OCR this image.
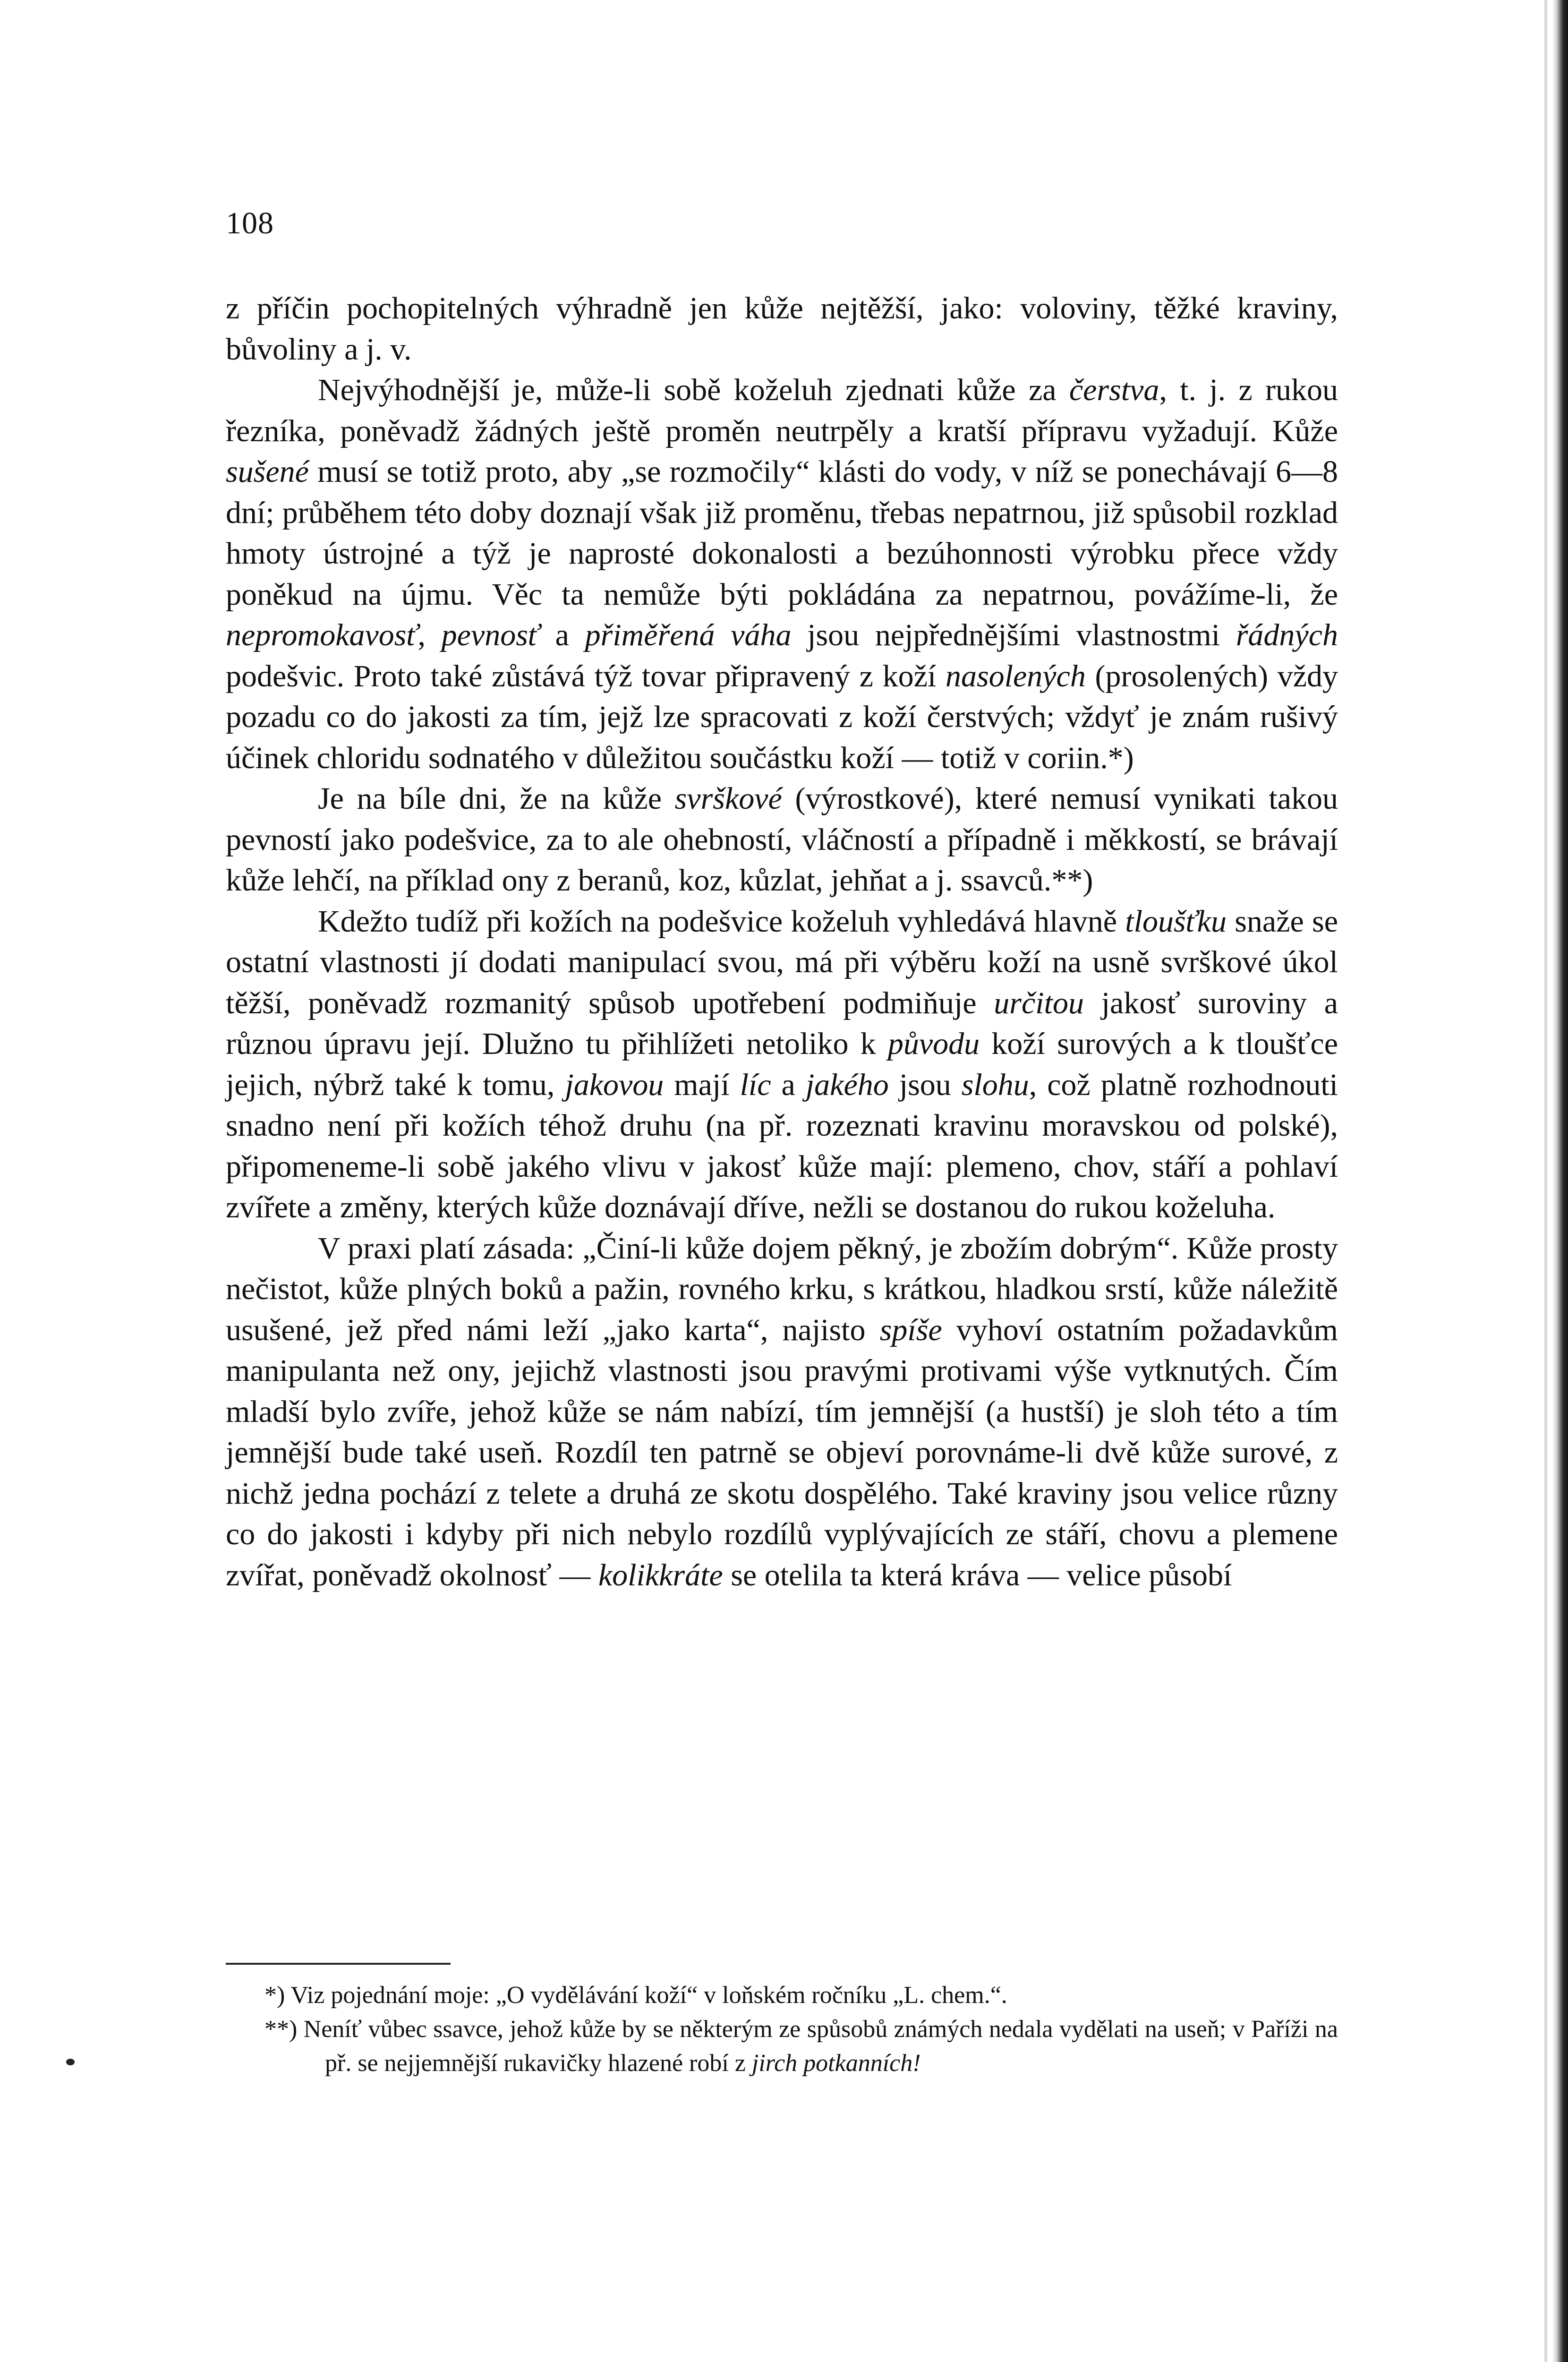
108

z příčin pochopitelných výhradně jen kůže nejtěžší, jako: voloviny, těžké kraviny, bůvoliny a j. v.

Nejvýhodnější je, může-li sobě koželuh zjednati kůže za čerstva, t. j. z rukou řezníka, poněvadž žádných ještě proměn neutrpěly a kratší přípravu vyžadují. Kůže sušené musí se totiž proto, aby „se rozmočily“ klásti do vody, v níž se ponechávají 6—8 dní; průběhem této doby doznají však již proměnu, třebas nepatrnou, již spůsobil rozklad hmoty ústrojné a týž je naprosté dokonalosti a bezúhonnosti výrobku přece vždy poněkud na újmu. Věc ta nemůže býti pokládána za nepatrnou, povážíme-li, že nepromokavosť, pevnosť a přiměřená váha jsou nejpřednějšími vlastnostmi řádných podešvic. Proto také zůstává týž tovar připravený z koží nasolených (prosolených) vždy pozadu co do jakosti za tím, jejž lze spracovati z koží čerstvých; vždyť je znám rušivý účinek chloridu sodnatého v důležitou součástku koží — totiž v coriin.*)

Je na bíle dni, že na kůže svrškové (výrostkové), které nemusí vynikati takou pevností jako podešvice, za to ale ohebností, vláčností a případně i měkkostí, se brávají kůže lehčí, na příklad ony z beranů, koz, kůzlat, jehňat a j. ssavců.**)

Kdežto tudíž při kožích na podešvice koželuh vyhledává hlavně tloušťku snaže se ostatní vlastnosti jí dodati manipulací svou, má při výběru koží na usně svrškové úkol těžší, poněvadž rozmanitý spůsob upotřebení podmiňuje určitou jakosť suroviny a různou úpravu její. Dlužno tu přihlížeti netoliko k původu koží surových a k tloušťce jejich, nýbrž také k tomu, jakovou mají líc a jakého jsou slohu, což platně rozhodnouti snadno není při kožích téhož druhu (na př. rozeznati kravinu moravskou od polské), připomeneme-li sobě jakého vlivu v jakosť kůže mají: plemeno, chov, stáří a pohlaví zvířete a změny, kterých kůže doznávají dříve, nežli se dostanou do rukou koželuha.

V praxi platí zásada: „Činí-li kůže dojem pěkný, je zbožím dobrým“. Kůže prosty nečistot, kůže plných boků a pažin, rovného krku, s krátkou, hladkou srstí, kůže náležitě usušené, jež před námi leží „jako karta“, najisto spíše vyhoví ostatním požadavkům manipulanta než ony, jejichž vlastnosti jsou pravými protivami výše vytknutých. Čím mladší bylo zvíře, jehož kůže se nám nabízí, tím jemnější (a hustší) je sloh této a tím jemnější bude také useň. Rozdíl ten patrně se objeví porovnáme-li dvě kůže surové, z nichž jedna pochází z telete a druhá ze skotu dospělého. Také kraviny jsou velice různy co do jakosti i kdyby při nich nebylo rozdílů vyplývajících ze stáří, chovu a plemene zvířat, poněvadž okolnosť — kolikkráte se otelila ta která kráva — velice působí

*) Viz pojednání moje: „O vydělávání koží“ v loňském ročníku „L. chem.“.

**) Neníť vůbec ssavce, jehož kůže by se některým ze spůsobů známých nedala vydělati na useň; v Paříži na př. se nejjemnější rukavičky hlazené robí z jirch potkanních!
